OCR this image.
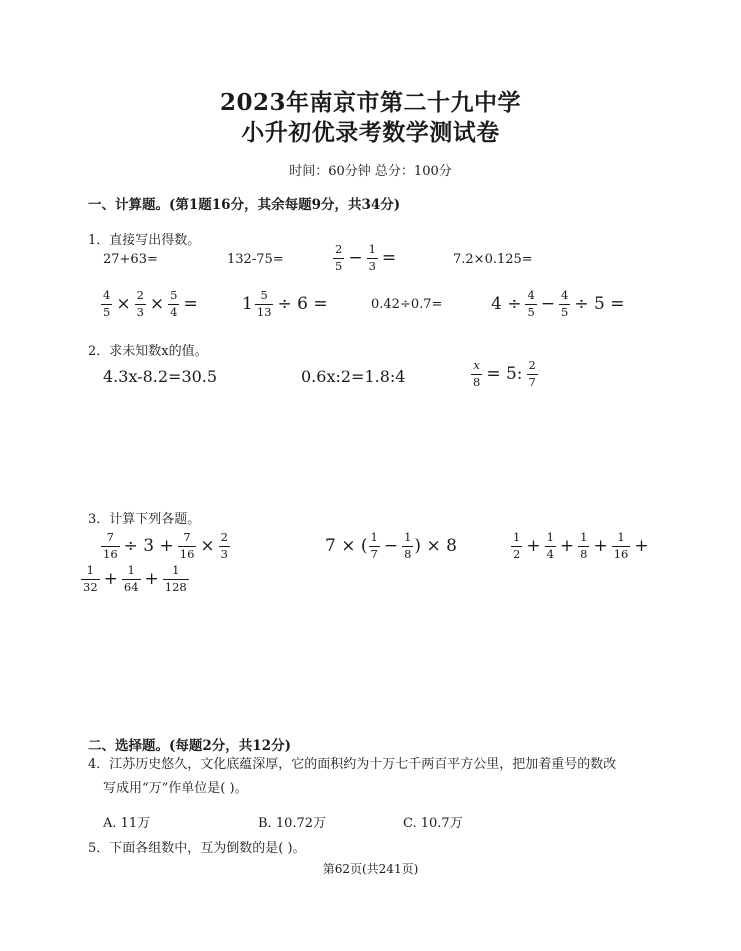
2023年南京市第二十九中学
小升初优录考数学测试卷
时间：60分钟 总分：100分
一、计算题。(第1题16分，其余每题9分，共34分)
1．直接写出得数。
27+63=	132-75=	$\frac{2}{5} - \frac{1}{3}$ =	7.2×0.125=
$\frac{4}{5} \times \frac{2}{3} \times \frac{5}{4}$ =	$1 \frac{5}{13} \div 6$ =	0.42÷0.7=	$4 \div \frac{4}{5} - \frac{4}{5} \div 5$ =
2．求未知数x的值。
4.3x-8.2=30.5	0.6x:2=1.8:4	$\frac{x}{8} = 5$: $\frac{2}{7}$
3．计算下列各题。
$\frac{7}{16} \div 3 + \frac{7}{16} \times \frac{2}{3}$	7 × ( $\frac{1}{7} - \frac{1}{8}$ ) × 8	$\frac{1}{2} + \frac{1}{4} + \frac{1}{8} + \frac{1}{16}$ +
$\frac{1}{32} + \frac{1}{64} + \frac{1}{128}$
二、选择题。(每题2分，共12分)
4．江苏历史悠久，文化底蕴深厚，它的面积约为十万七千两百平方公里，把加着重号的数改
写成用“万”作单位是( )。
A. 11万	B. 10.72万	C. 10.7万
5．下面各组数中，互为倒数的是( )。
第62页(共241页)
